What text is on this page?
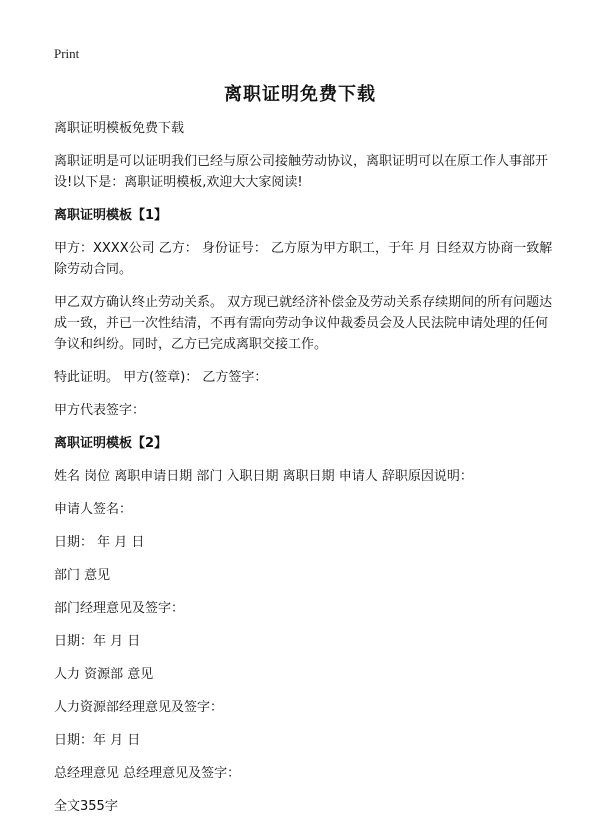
Print
离职证明免费下载

离职证明模板免费下载

离职证明是可以证明我们已经与原公司接触劳动协议，离职证明可以在原工作人事部开设!以下是：离职证明模板,欢迎大大家阅读!

离职证明模板【1】

甲方：XXXX公司 乙方： 身份证号： 乙方原为甲方职工，于年 月 日经双方协商一致解除劳动合同。

甲乙双方确认终止劳动关系。 双方现已就经济补偿金及劳动关系存续期间的所有问题达成一致，并已一次性结清，不再有需向劳动争议仲裁委员会及人民法院申请处理的任何争议和纠纷。同时，乙方已完成离职交接工作。

特此证明。 甲方(签章)： 乙方签字：

甲方代表签字：

离职证明模板【2】

姓名 岗位 离职申请日期 部门 入职日期 离职日期 申请人 辞职原因说明：

申请人签名：

日期： 年 月 日

部门 意见

部门经理意见及签字：

日期：年 月 日

人力 资源部 意见

人力资源部经理意见及签字：

日期：年 月 日

总经理意见 总经理意见及签字：

全文355字
